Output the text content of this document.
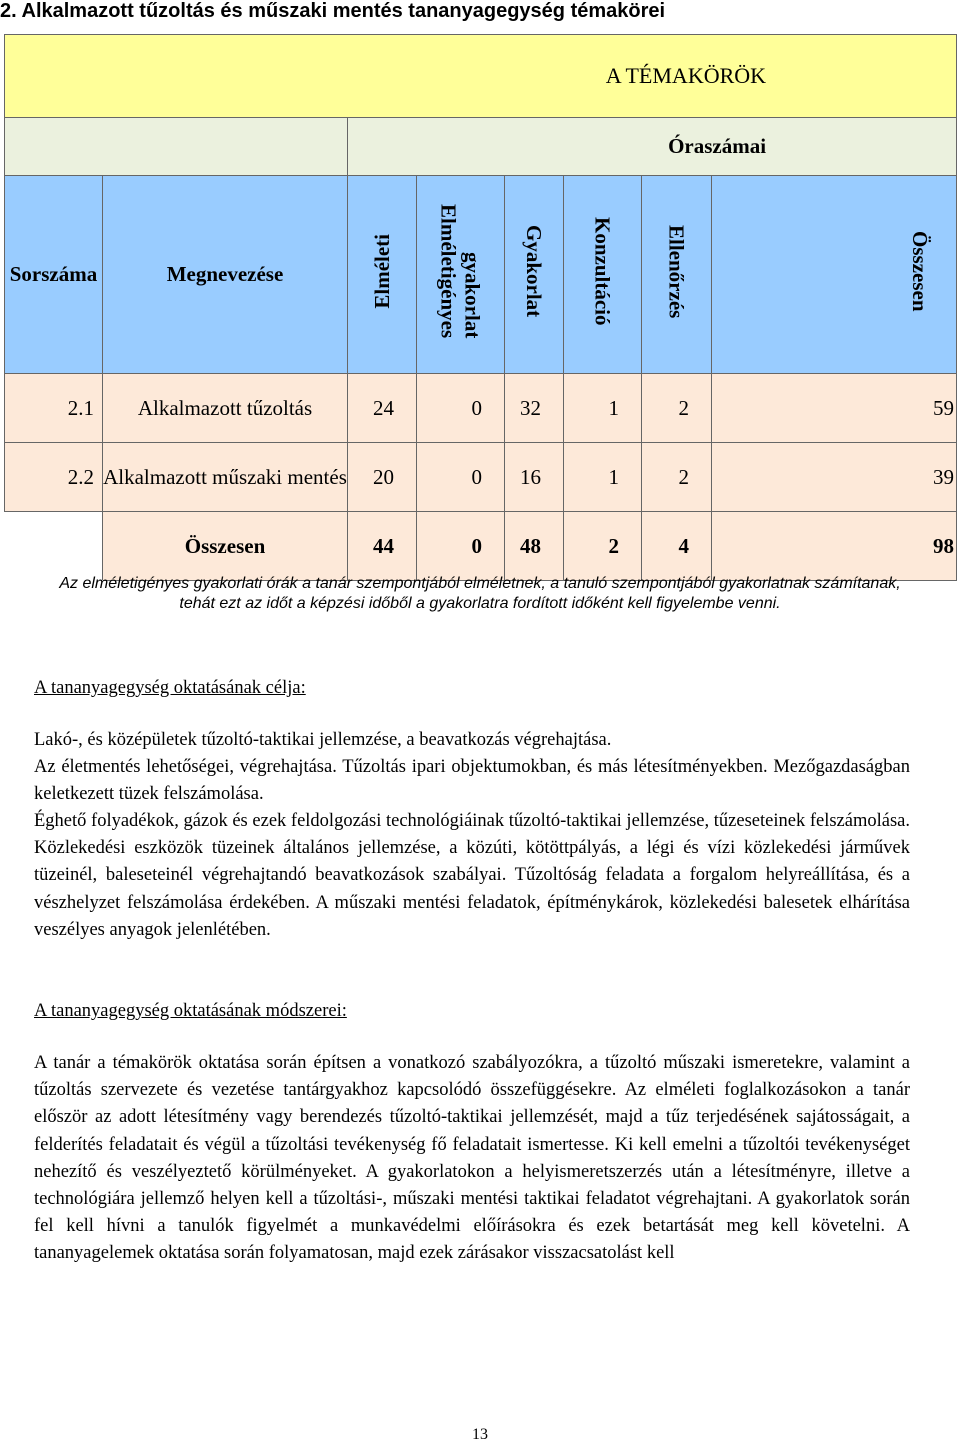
2. Alkalmazott tűzoltás és műszaki mentés tananyagegység témakörei
A TÉMAKÖRÖK							
		Óraszámai					
Sorszáma	Megnevezése	Elméleti	Elméletigényesgyakorlat	Gyakorlat	Konzultáció	Ellenőrzés	Összesen
2.1	Alkalmazott tűzoltás	24	0	32	1	2	59
2.2	Alkalmazott műszaki mentés	20	0	16	1	2	39
	Összesen	44	0	48	2	4	98
Az elméletigényes gyakorlati órák a tanár szempontjából elméletnek, a tanuló szempontjából gyakorlatnak számítanak, tehát ezt az időt a képzési időből a gyakorlatra fordított időként kell figyelembe venni.
A tananyagegység oktatásának célja:
Lakó-, és középületek tűzoltó-taktikai jellemzése, a beavatkozás végrehajtása.
Az életmentés lehetőségei, végrehajtása. Tűzoltás ipari objektumokban, és más létesítményekben. Mezőgazdaságban keletkezett tüzek felszámolása.
Éghető folyadékok, gázok és ezek feldolgozási technológiáinak tűzoltó-taktikai jellemzése, tűzeseteinek felszámolása. Közlekedési eszközök tüzeinek általános jellemzése, a közúti, kötöttpályás, a légi és vízi közlekedési járművek tüzeinél, baleseteinél végrehajtandó beavatkozások szabályai. Tűzoltóság feladata a forgalom helyreállítása, és a vészhelyzet felszámolása érdekében. A műszaki mentési feladatok, építménykárok, közlekedési balesetek elhárítása veszélyes anyagok jelenlétében.
A tananyagegység oktatásának módszerei:
A tanár a témakörök oktatása során építsen a vonatkozó szabályozókra, a tűzoltó műszaki ismeretekre, valamint a tűzoltás szervezete és vezetése tantárgyakhoz kapcsolódó összefüggésekre. Az elméleti foglalkozásokon a tanár először az adott létesítmény vagy berendezés tűzoltó-taktikai jellemzését, majd a tűz terjedésének sajátosságait, a felderítés feladatait és végül a tűzoltási tevékenység fő feladatait ismertesse. Ki kell emelni a tűzoltói tevékenységet nehezítő és veszélyeztető körülményeket. A gyakorlatokon a helyismeretszerzés után a létesítményre, illetve a technológiára jellemző helyen kell a tűzoltási-, műszaki mentési taktikai feladatot végrehajtani. A gyakorlatok során fel kell hívni a tanulók figyelmét a munkavédelmi előírásokra és ezek betartását meg kell követelni. A tananyagelemek oktatása során folyamatosan, majd ezek zárásakor visszacsatolást kell
13
